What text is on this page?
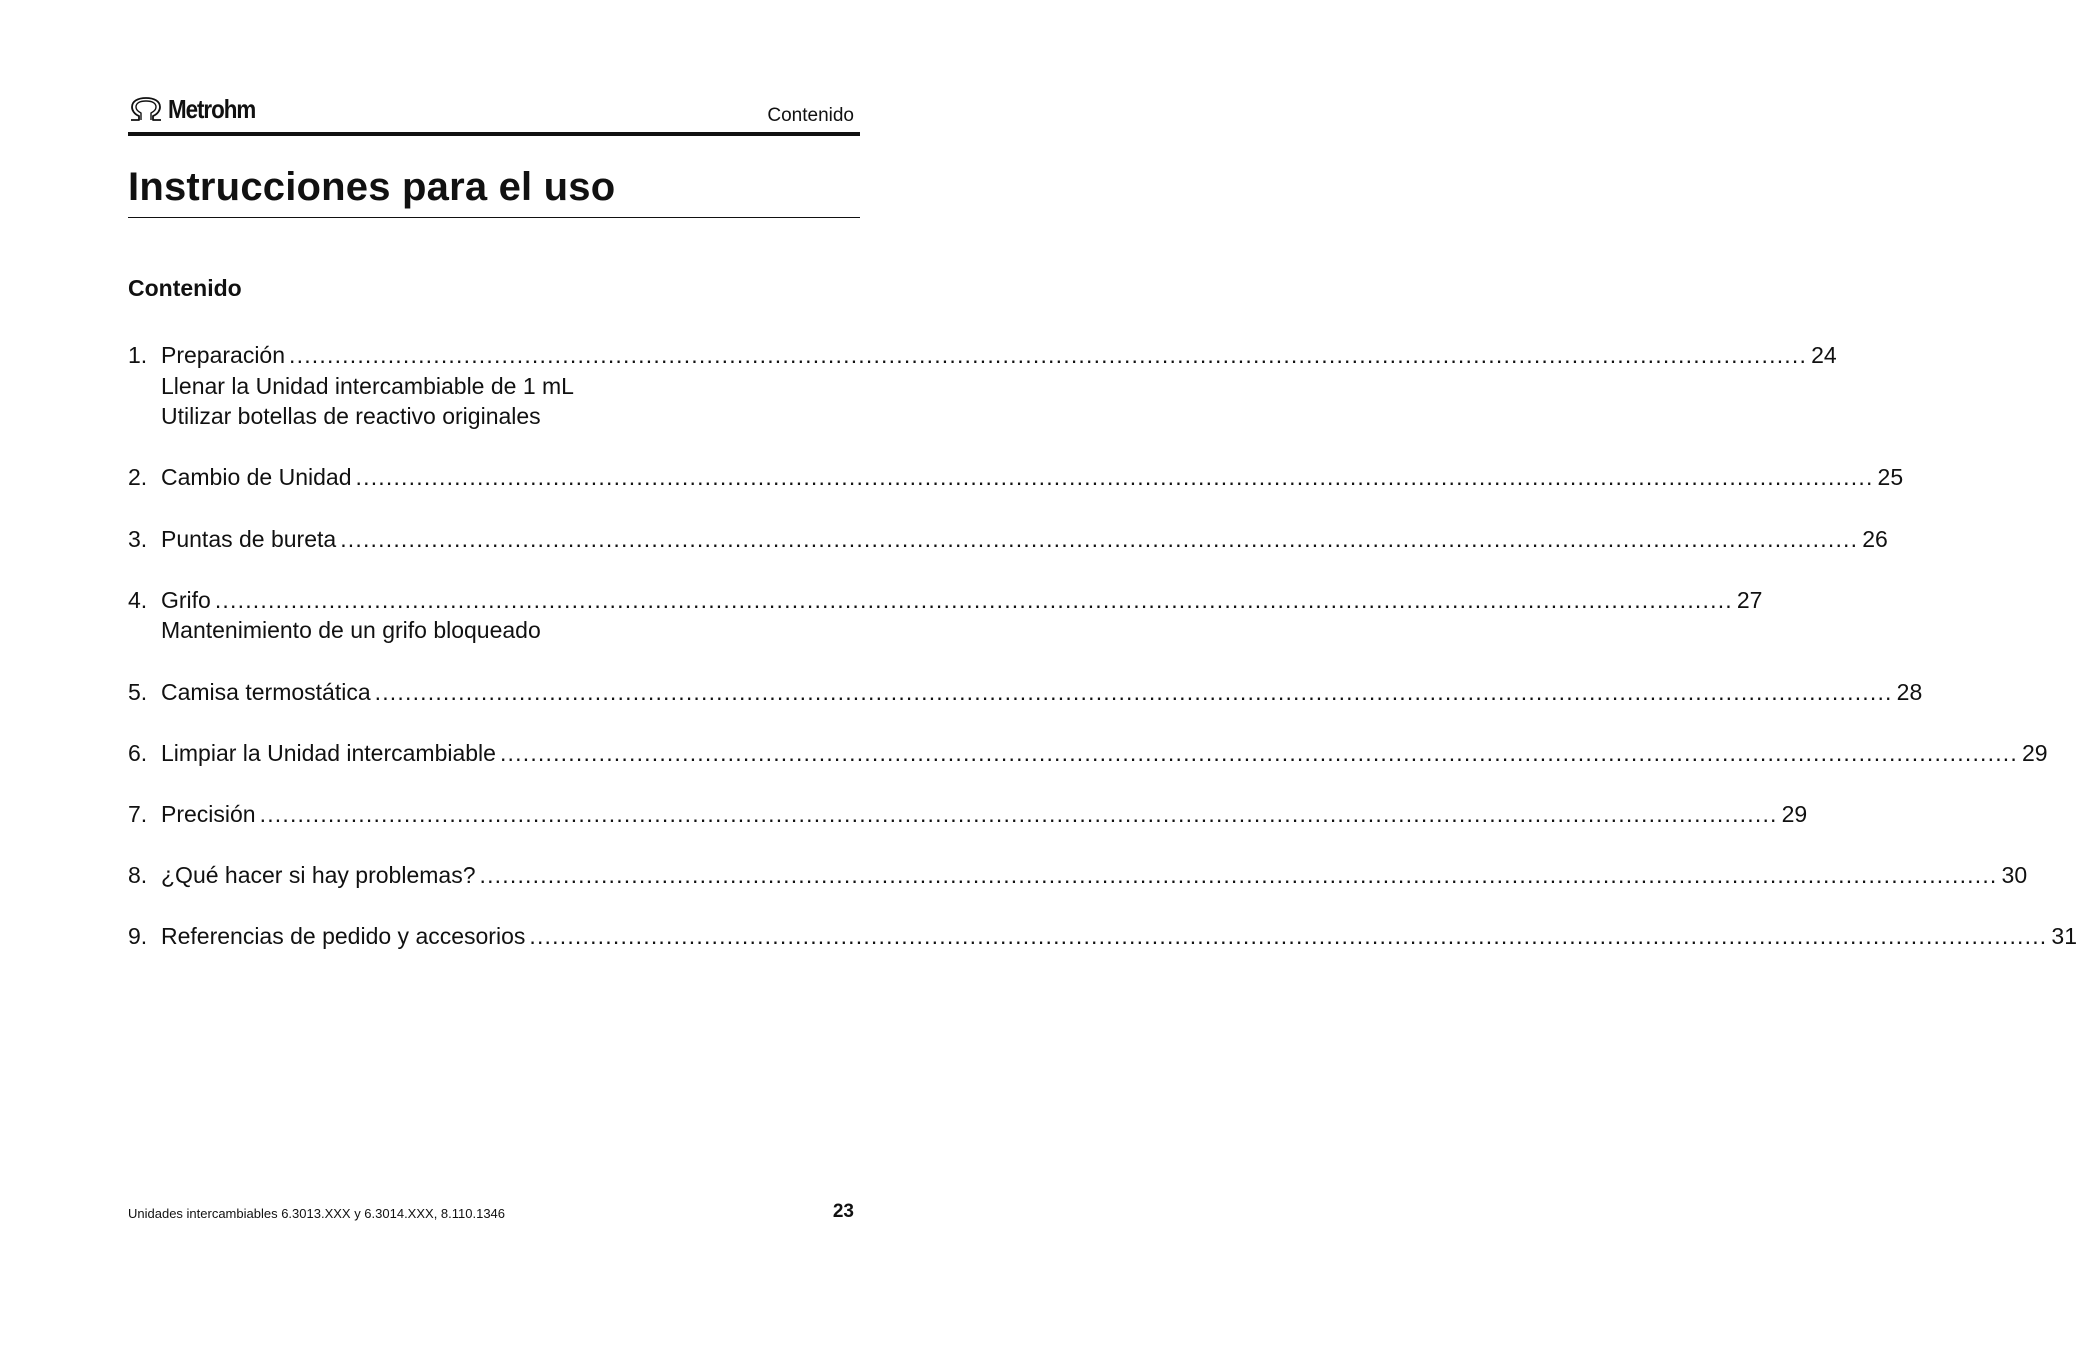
Metrohm	Contenido
Instrucciones para el uso
Contenido
1. Preparación ........................................................................................................................................................................................................ 24
Llenar la Unidad intercambiable de 1 mL
Utilizar botellas de reactivo originales
2. Cambio de Unidad ........................................................................................................................................................................................................ 25
3. Puntas de bureta ........................................................................................................................................................................................................ 26
4. Grifo ........................................................................................................................................................................................................ 27
Mantenimiento de un grifo bloqueado
5. Camisa termostática ........................................................................................................................................................................................................ 28
6. Limpiar la Unidad intercambiable ........................................................................................................................................................................................................ 29
7. Precisión ........................................................................................................................................................................................................ 29
8. ¿Qué hacer si hay problemas? ........................................................................................................................................................................................................ 30
9. Referencias de pedido y accesorios ........................................................................................................................................................................................................ 31
Unidades intercambiables 6.3013.XXX y 6.3014.XXX, 8.110.1346	23
